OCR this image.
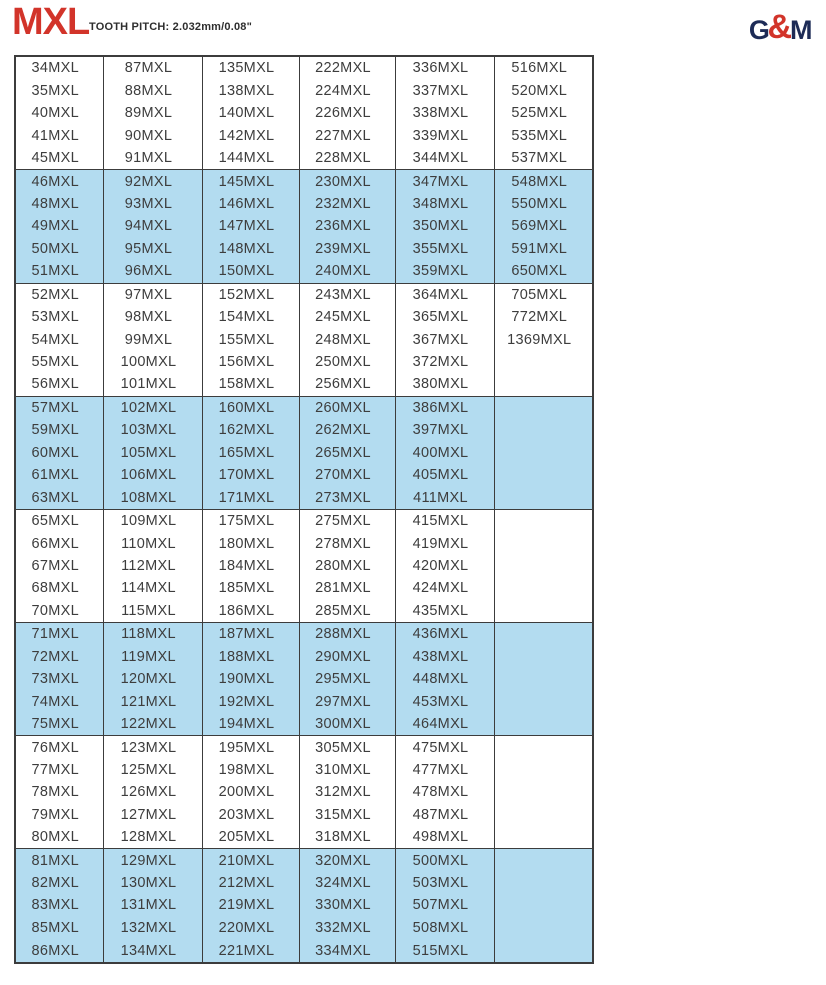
MXL TOOTH PITCH: 2.032mm/0.08"	G
&
M
34MXL	87MXL	135MXL	222MXL	336MXL	516MXL
35MXL	88MXL	138MXL	224MXL	337MXL	520MXL
40MXL	89MXL	140MXL	226MXL	338MXL	525MXL
41MXL	90MXL	142MXL	227MXL	339MXL	535MXL
45MXL	91MXL	144MXL	228MXL	344MXL	537MXL
46MXL	92MXL	145MXL	230MXL	347MXL	548MXL
48MXL	93MXL	146MXL	232MXL	348MXL	550MXL
49MXL	94MXL	147MXL	236MXL	350MXL	569MXL
50MXL	95MXL	148MXL	239MXL	355MXL	591MXL
51MXL	96MXL	150MXL	240MXL	359MXL	650MXL
52MXL	97MXL	152MXL	243MXL	364MXL	705MXL
53MXL	98MXL	154MXL	245MXL	365MXL	772MXL
54MXL	99MXL	155MXL	248MXL	367MXL	1369MXL
55MXL	100MXL	156MXL	250MXL	372MXL	
56MXL	101MXL	158MXL	256MXL	380MXL	
57MXL	102MXL	160MXL	260MXL	386MXL	
59MXL	103MXL	162MXL	262MXL	397MXL	
60MXL	105MXL	165MXL	265MXL	400MXL	
61MXL	106MXL	170MXL	270MXL	405MXL	
63MXL	108MXL	171MXL	273MXL	411MXL	
65MXL	109MXL	175MXL	275MXL	415MXL	
66MXL	110MXL	180MXL	278MXL	419MXL	
67MXL	112MXL	184MXL	280MXL	420MXL	
68MXL	114MXL	185MXL	281MXL	424MXL	
70MXL	115MXL	186MXL	285MXL	435MXL	
71MXL	118MXL	187MXL	288MXL	436MXL	
72MXL	119MXL	188MXL	290MXL	438MXL	
73MXL	120MXL	190MXL	295MXL	448MXL	
74MXL	121MXL	192MXL	297MXL	453MXL	
75MXL	122MXL	194MXL	300MXL	464MXL	
76MXL	123MXL	195MXL	305MXL	475MXL	
77MXL	125MXL	198MXL	310MXL	477MXL	
78MXL	126MXL	200MXL	312MXL	478MXL	
79MXL	127MXL	203MXL	315MXL	487MXL	
80MXL	128MXL	205MXL	318MXL	498MXL	
81MXL	129MXL	210MXL	320MXL	500MXL	
82MXL	130MXL	212MXL	324MXL	503MXL	
83MXL	131MXL	219MXL	330MXL	507MXL	
85MXL	132MXL	220MXL	332MXL	508MXL	
86MXL	134MXL	221MXL	334MXL	515MXL	
